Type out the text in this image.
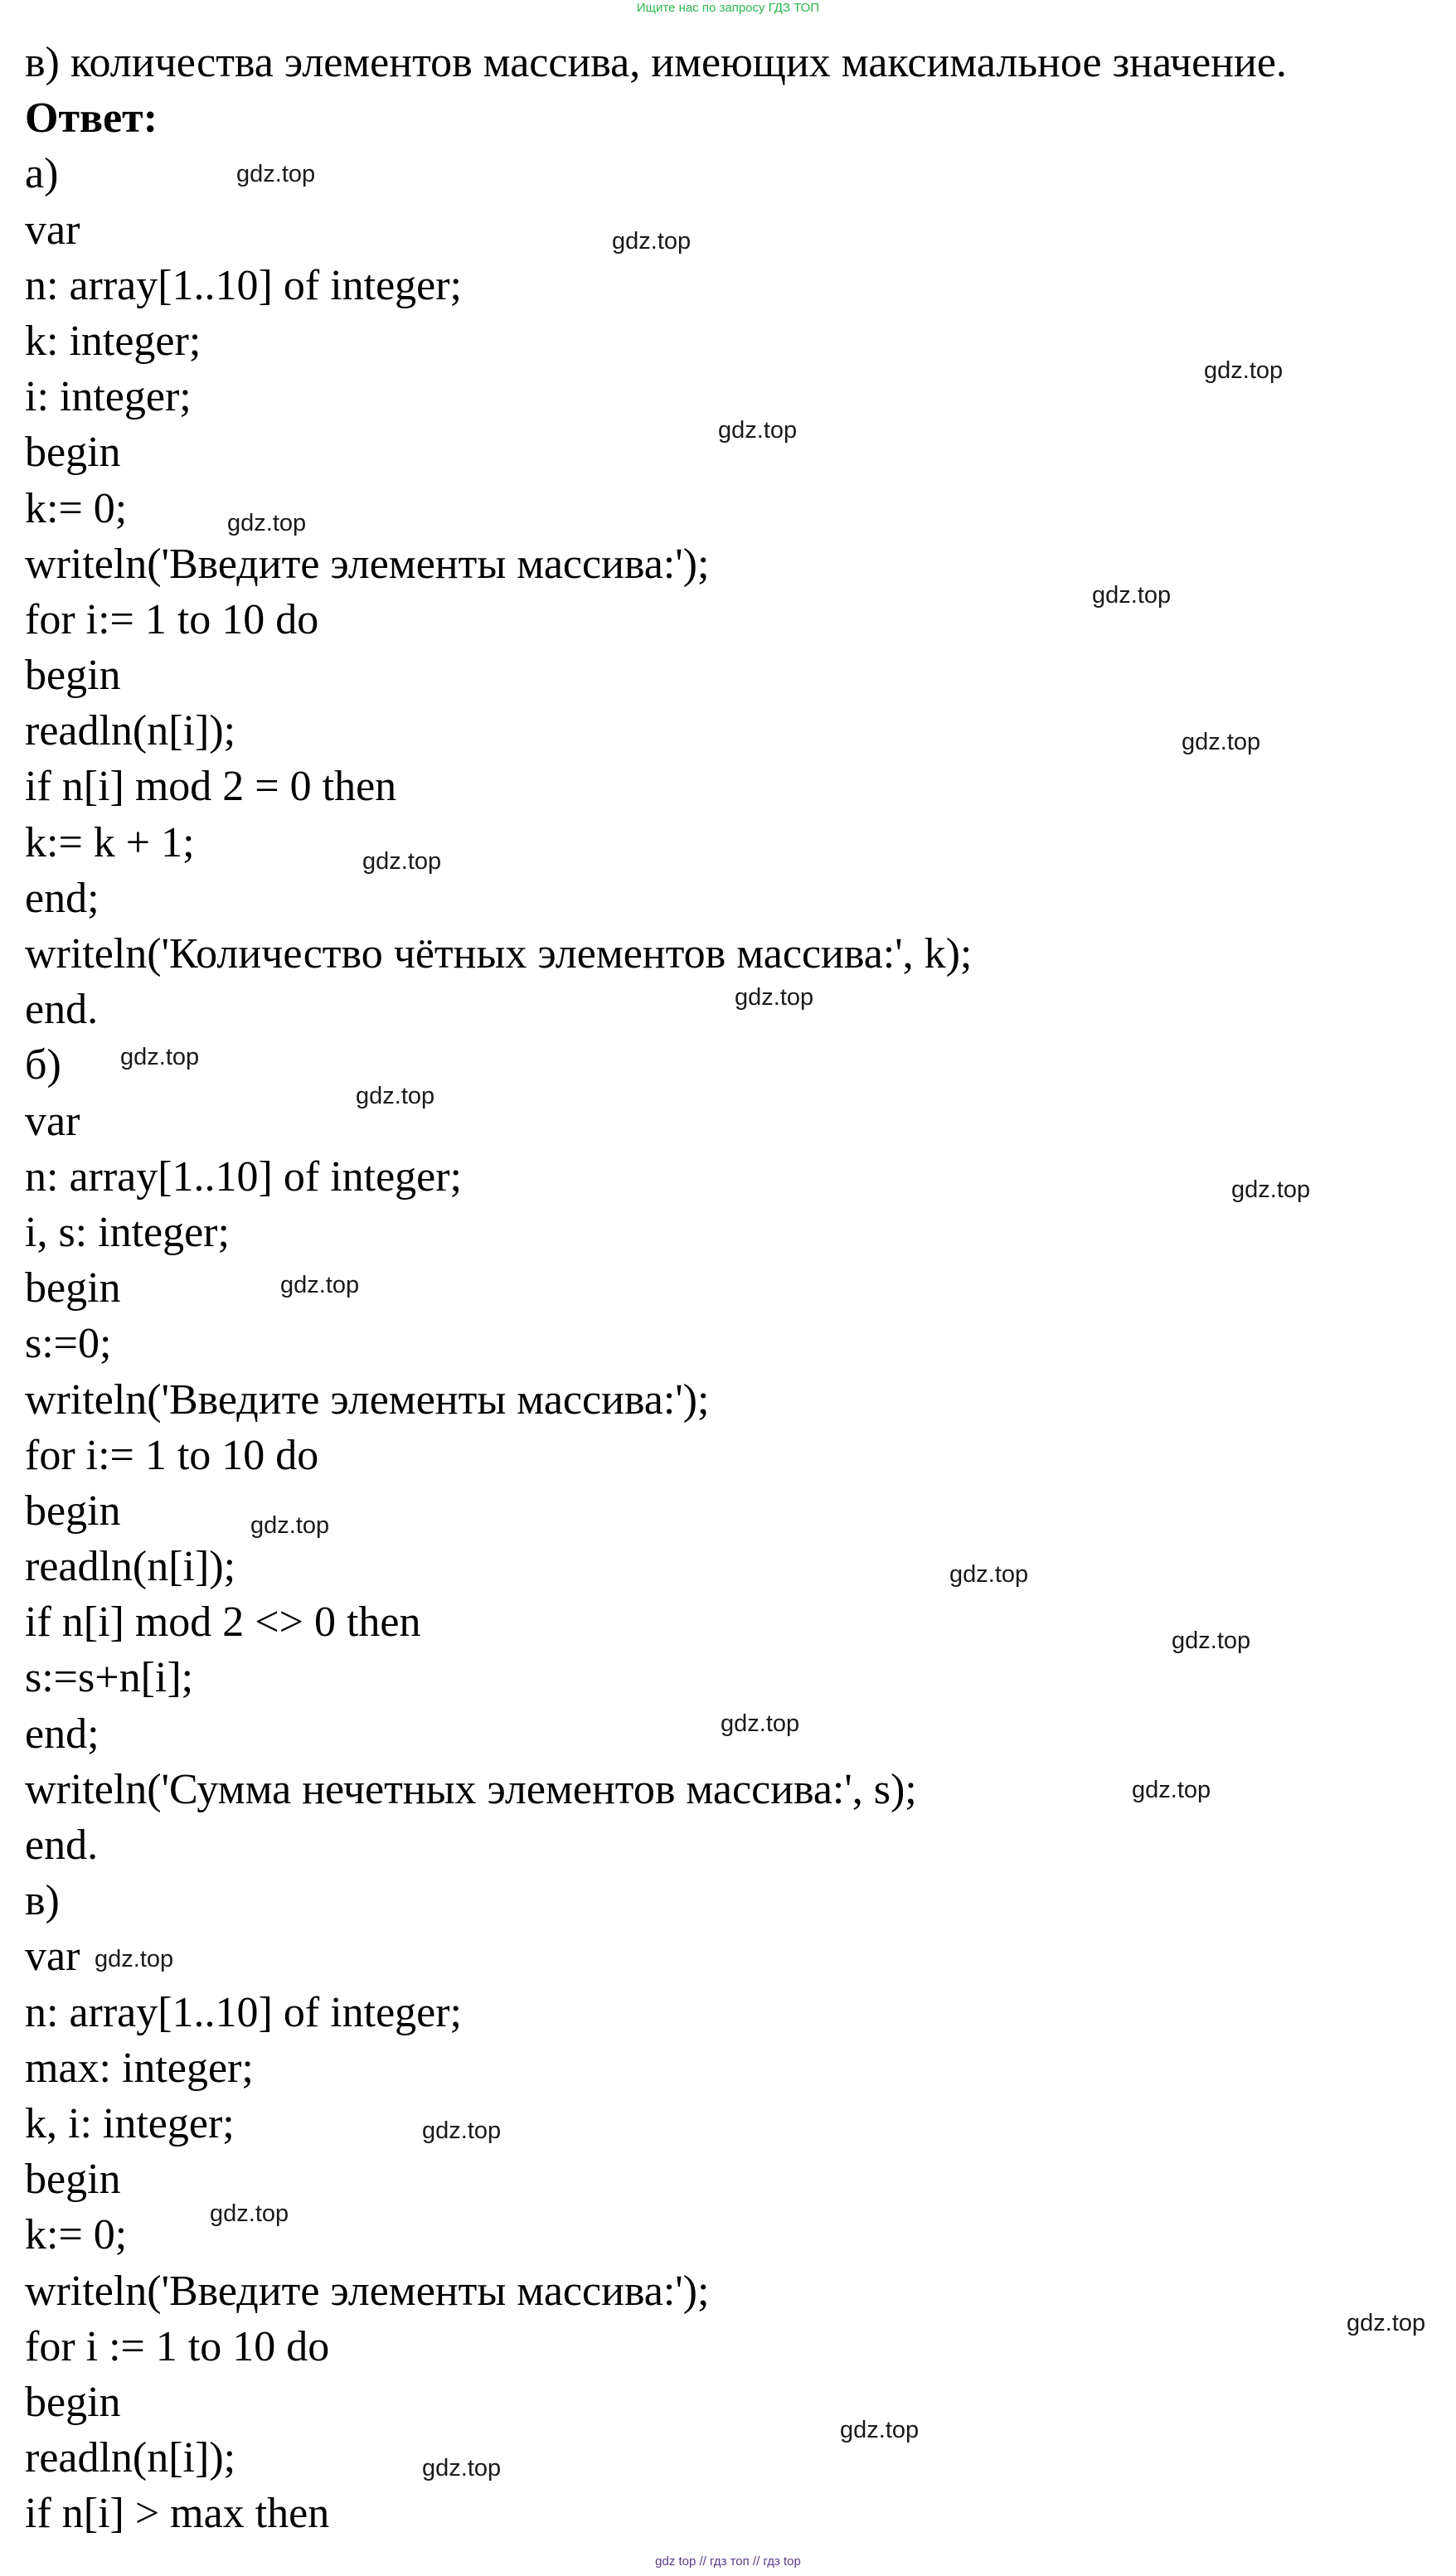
Ищите нас по запросу ГДЗ ТОП
в) количества элементов массива, имеющих максимальное значение.
Ответ:
а)
var
n: array[1..10] of integer;
k: integer;
i: integer;
begin
k:= 0;
writeln('Введите элементы массива:');
for i:= 1 to 10 do
begin
readln(n[i]);
if n[i] mod 2 = 0 then
k:= k + 1;
end;
writeln('Количество чётных элементов массива:', k);
end.
б)
var
n: array[1..10] of integer;
i, s: integer;
begin
s:=0;
writeln('Введите элементы массива:');
for i:= 1 to 10 do
begin
readln(n[i]);
if n[i] mod 2 <> 0 then
s:=s+n[i];
end;
writeln('Сумма нечетных элементов массива:', s);
end.
в)
var
n: array[1..10] of integer;
max: integer;
k, i: integer;
begin
k:= 0;
writeln('Введите элементы массива:');
for i := 1 to 10 do
begin
readln(n[i]);
if n[i] > max then
gdz.top
gdz.top
gdz.top
gdz.top
gdz.top
gdz.top
gdz.top
gdz.top
gdz.top
gdz.top
gdz.top
gdz.top
gdz.top
gdz.top
gdz.top
gdz.top
gdz.top
gdz.top
gdz.top
gdz.top
gdz.top
gdz.top
gdz.top
gdz.top
gdz top // гдз топ // гдз top
